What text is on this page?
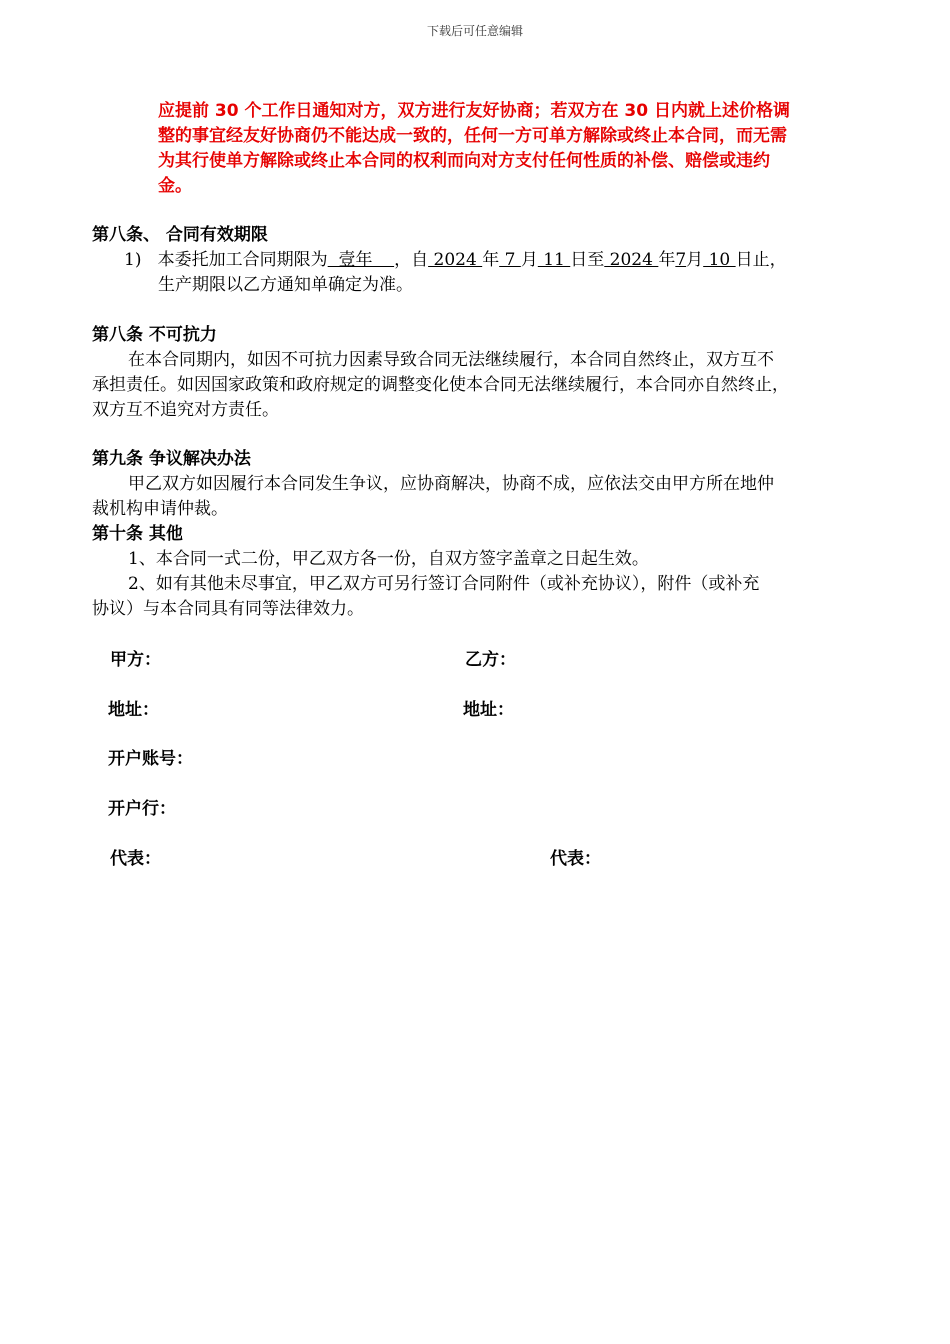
下载后可任意编辑
应提前 30 个工作日通知对方，双方进行友好协商；若双方在 30 日内就上述价格调
整的事宜经友好协商仍不能达成一致的，任何一方可单方解除或终止本合同，而无需
为其行使单方解除或终止本合同的权利而向对方支付任何性质的补偿、赔偿或违约
金。
第八条、 合同有效期限
1) 本委托加工合同期限为  壹年    ，自 2024 年 7 月 11 日至 2024 年7月 10 日止，
生产期限以乙方通知单确定为准。
第八条 不可抗力
在本合同期内，如因不可抗力因素导致合同无法继续履行，本合同自然终止，双方互不
承担责任。如因国家政策和政府规定的调整变化使本合同无法继续履行，本合同亦自然终止，
双方互不追究对方责任。
第九条 争议解决办法
甲乙双方如因履行本合同发生争议，应协商解决，协商不成，应依法交由甲方所在地仲
裁机构申请仲裁。
第十条 其他
1、本合同一式二份，甲乙双方各一份，自双方签字盖章之日起生效。
2、如有其他未尽事宜，甲乙双方可另行签订合同附件（或补充协议），附件（或补充
协议）与本合同具有同等法律效力。
甲方：	乙方：
地址：	地址：
开户账号：
开户行：
代表：	代表：
